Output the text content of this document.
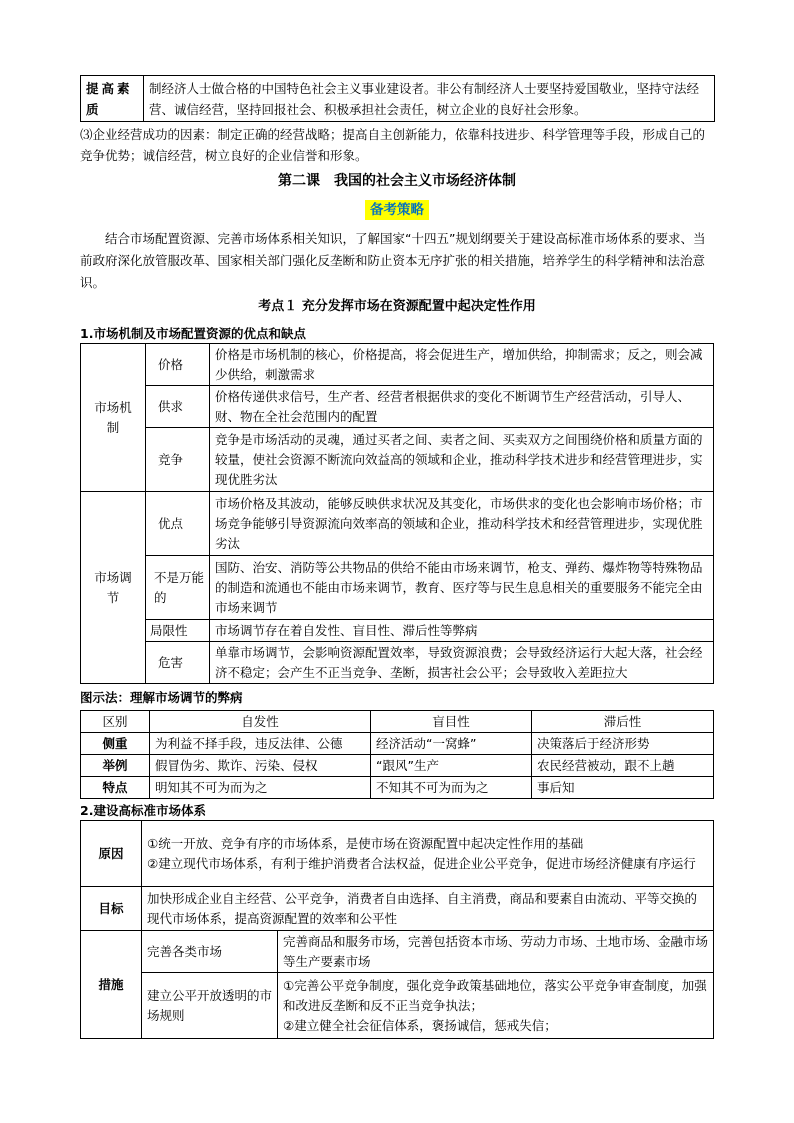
提高素质	制经济人士做合格的中国特色社会主义事业建设者。非公有制经济人士要坚持爱国敬业，坚持守法经营、诚信经营，坚持回报社会、积极承担社会责任，树立企业的良好社会形象。
⑶企业经营成功的因素：制定正确的经营战略；提高自主创新能力，依靠科技进步、科学管理等手段，形成自己的竞争优势；诚信经营，树立良好的企业信誉和形象。
第二课　我国的社会主义市场经济体制
备考策略
结合市场配置资源、完善市场体系相关知识，了解国家“十四五”规划纲要关于建设高标准市场体系的要求、当前政府深化放管服改革、国家相关部门强化反垄断和防止资本无序扩张的相关措施，培养学生的科学精神和法治意识。
考点１ 充分发挥市场在资源配置中起决定性作用
1.市场机制及市场配置资源的优点和缺点
市场机制	价格	价格是市场机制的核心，价格提高，将会促进生产，增加供给，抑制需求；反之，则会减少供给，刺激需求
	供求	价格传递供求信号，生产者、经营者根据供求的变化不断调节生产经营活动，引导人、财、物在全社会范围内的配置
	竞争	竞争是市场活动的灵魂，通过买者之间、卖者之间、买卖双方之间围绕价格和质量方面的较量，使社会资源不断流向效益高的领域和企业，推动科学技术进步和经营管理进步，实现优胜劣汰
市场调节	优点	市场价格及其波动，能够反映供求状况及其变化，市场供求的变化也会影响市场价格；市场竞争能够引导资源流向效率高的领域和企业，推动科学技术和经营管理进步，实现优胜劣汰
	不是万能的	国防、治安、消防等公共物品的供给不能由市场来调节，枪支、弹药、爆炸物等特殊物品的制造和流通也不能由市场来调节，教育、医疗等与民生息息相关的重要服务不能完全由市场来调节
	局限性	市场调节存在着自发性、盲目性、滞后性等弊病
	危害	单靠市场调节，会影响资源配置效率，导致资源浪费；会导致经济运行大起大落，社会经济不稳定；会产生不正当竞争、垄断，损害社会公平；会导致收入差距拉大
图示法：理解市场调节的弊病
区别	自发性	盲目性	滞后性
侧重	为利益不择手段，违反法律、公德	经济活动“一窝蜂”	决策落后于经济形势
举例	假冒伪劣、欺诈、污染、侵权	“跟风”生产	农民经营被动，跟不上趟
特点	明知其不可为而为之	不知其不可为而为之	事后知
2.建设高标准市场体系
原因	①统一开放、竞争有序的市场体系，是使市场在资源配置中起决定性作用的基础
②建立现代市场体系，有利于维护消费者合法权益，促进企业公平竞争，促进市场经济健康有序运行	

目标	加快形成企业自主经营、公平竞争，消费者自由选择、自主消费，商品和要素自由流动、平等交换的现代市场体系，提高资源配置的效率和公平性	
措施	完善各类市场	完善商品和服务市场，完善包括资本市场、劳动力市场、土地市场、金融市场等生产要素市场
	建立公平开放透明的市场规则	①完善公平竞争制度，强化竞争政策基础地位，落实公平竞争审查制度，加强和改进反垄断和反不正当竞争执法；
②建立健全社会征信体系，褒扬诚信，惩戒失信；
